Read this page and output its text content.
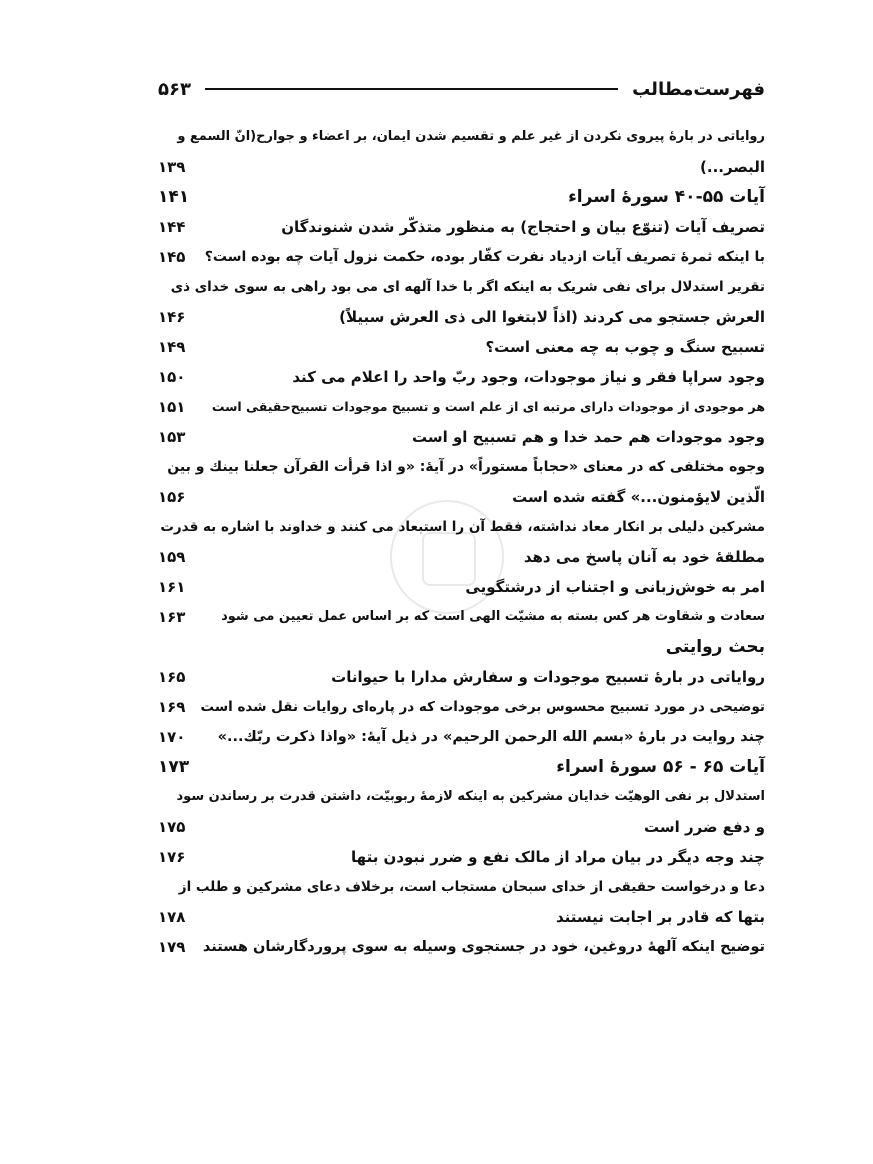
فهرست‌مطالب
۵۶۳
روایاتی در بارهٔ پیروی نکردن از غیر علم و تقسیم شدن ایمان، بر اعضاء و جوارح(انّ السمع و
البصر...)
۱۳۹
آیات ۵۵-۴۰ سورهٔ اسراء
۱۴۱
تصریف آیات (تنوّع بیان و احتجاج) به منظور متذکّر شدن شنوندگان
۱۴۴
با اینکه ثمرهٔ تصریف آیات ازدیاد نفرت کفّار بوده، حکمت نزول آیات چه بوده است؟
۱۴۵
تقریر استدلال برای نفی شریک به اینکه اگر با خدا آلهه ای می بود راهی به سوی خدای ذی
العرش جستجو می کردند (اذاً لابتغوا الی ذی العرش سبیلاً)
۱۴۶
تسبیح سنگ و چوب به چه معنی است؟
۱۴۹
وجود سراپا فقر و نیاز موجودات، وجود ربّ واحد را اعلام می کند
۱۵۰
هر موجودی از موجودات دارای مرتبه ای از علم است و تسبیح موجودات تسبیح‌حقیقی است
۱۵۱
وجود موجودات هم حمد خدا و هم تسبیح او است
۱۵۳
وجوه مختلفی که در معنای «حجاباً مستوراً» در آیهٔ: «و اذا قرأت القرآن جعلنا بینك و بین
الّذین لایؤمنون...» گفته شده است
۱۵۶
مشرکین دلیلی بر انکار معاد نداشته، فقط آن را استبعاد می کنند و خداوند با اشاره به قدرت
مطلقهٔ خود به آنان پاسخ می دهد
۱۵۹
امر به خوش‌زبانی و اجتناب از درشتگویی
۱۶۱
سعادت و شقاوت هر کس بسته به مشیّت الهی است که بر اساس عمل تعیین می شود
۱۶۳
بحث روایتی
روایاتی در بارهٔ تسبیح موجودات و سفارش مدارا با حیوانات
۱۶۵
توضیحی در مورد تسبیح محسوس برخی موجودات که در پاره‌ای روایات نقل شده است
۱۶۹
چند روایت در بارهٔ «بسم الله الرحمن الرحیم» در ذیل آیهٔ: «واذا ذکرت ربّك...»
۱۷۰
آیات ۶۵ - ۵۶ سورهٔ اسراء
۱۷۳
استدلال بر نفی الوهیّت خدایان مشرکین به اینکه لازمهٔ ربوبیّت، داشتن قدرت بر رساندن سود
و دفع ضرر است
۱۷۵
چند وجه دیگر در بیان مراد از مالک نفع و ضرر نبودن بتها
۱۷۶
دعا و درخواست حقیقی از خدای سبحان مستجاب است، برخلاف دعای مشرکین و طلب از
بتها که قادر بر اجابت نیستند
۱۷۸
توضیح اینکه آلههٔ دروغین، خود در جستجوی وسیله به سوی پروردگارشان هستند
۱۷۹
